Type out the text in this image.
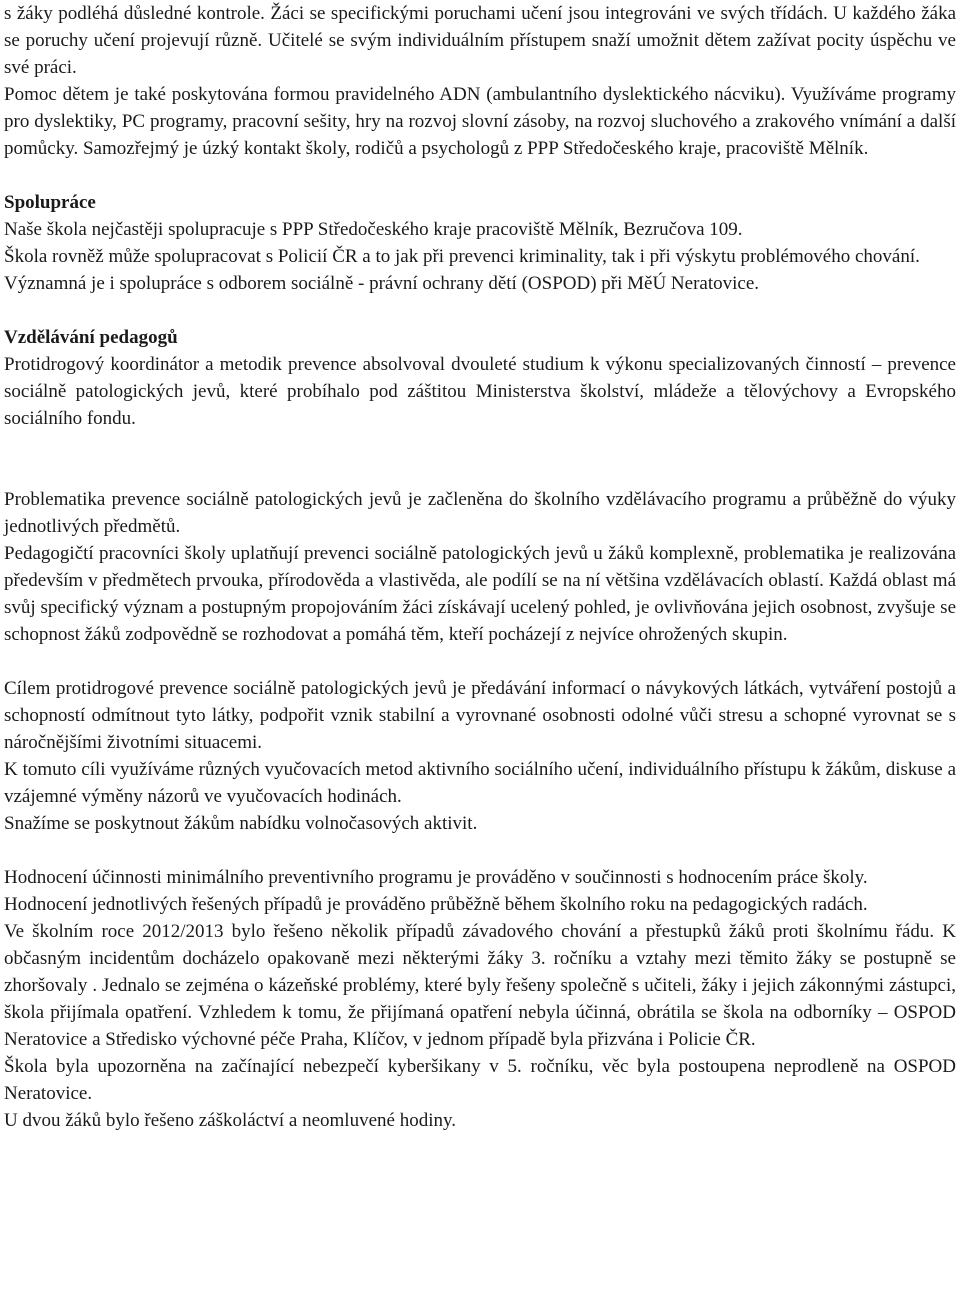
s žáky podléhá důsledné kontrole. Žáci se specifickými poruchami učení jsou integrováni ve svých třídách. U každého žáka se poruchy učení projevují různě. Učitelé se svým individuálním přístupem snaží umožnit dětem zažívat pocity úspěchu ve své práci.

Pomoc dětem je také poskytována formou pravidelného ADN (ambulantního dyslektického nácviku). Využíváme programy pro dyslektiky, PC programy, pracovní sešity, hry na rozvoj slovní zásoby, na rozvoj sluchového a zrakového vnímání a další pomůcky. Samozřejmý je úzký kontakt školy, rodičů a psychologů z PPP Středočeského kraje, pracoviště Mělník.

Spolupráce

Naše škola nejčastěji spolupracuje s PPP Středočeského kraje pracoviště Mělník, Bezručova 109.

Škola rovněž může spolupracovat s Policií ČR a to jak při prevenci kriminality, tak i při výskytu problémového chování.

Významná je i spolupráce s odborem sociálně - právní ochrany dětí (OSPOD) při MěÚ Neratovice.

Vzdělávání pedagogů

Protidrogový koordinátor a metodik prevence absolvoval dvouleté studium k výkonu specializovaných činností – prevence sociálně patologických jevů, které probíhalo pod záštitou Ministerstva školství, mládeže a tělovýchovy a Evropského sociálního fondu.

Problematika prevence sociálně patologických jevů je začleněna do školního vzdělávacího programu a průběžně do výuky jednotlivých předmětů.

Pedagogičtí pracovníci školy uplatňují prevenci sociálně patologických jevů u žáků komplexně, problematika je realizována především v předmětech prvouka, přírodověda a vlastivěda, ale podílí se na ní většina vzdělávacích oblastí. Každá oblast má svůj specifický význam a postupným propojováním žáci získávají ucelený pohled, je ovlivňována jejich osobnost, zvyšuje se schopnost žáků zodpovědně se rozhodovat a pomáhá těm, kteří pocházejí z nejvíce ohrožených skupin.

Cílem protidrogové prevence sociálně patologických jevů je předávání informací o návykových látkách, vytváření postojů a schopností odmítnout tyto látky, podpořit vznik stabilní a vyrovnané osobnosti odolné vůči stresu a schopné vyrovnat se s náročnějšími životními situacemi.

K tomuto cíli využíváme různých vyučovacích metod aktivního sociálního učení, individuálního přístupu k žákům, diskuse a vzájemné výměny názorů ve vyučovacích hodinách.

Snažíme se poskytnout žákům nabídku volnočasových aktivit.

Hodnocení účinnosti minimálního preventivního programu je prováděno v součinnosti s hodnocením práce školy.

Hodnocení jednotlivých řešených případů je prováděno průběžně během školního roku na pedagogických radách.

Ve školním roce 2012/2013 bylo řešeno několik případů závadového chování a přestupků žáků proti školnímu řádu. K občasným incidentům docházelo opakovaně mezi některými žáky 3. ročníku a vztahy mezi těmito žáky se postupně se zhoršovaly . Jednalo se zejména o kázeňské problémy, které byly řešeny společně s učiteli, žáky i jejich zákonnými zástupci, škola přijímala opatření. Vzhledem k tomu, že přijímaná opatření nebyla účinná, obrátila se škola na odborníky – OSPOD Neratovice a Středisko výchovné péče Praha, Klíčov, v jednom případě byla přizvána i Policie ČR.

Škola byla upozorněna na začínající nebezpečí kyberšikany v 5. ročníku, věc byla postoupena neprodleně na OSPOD Neratovice.

U dvou žáků bylo řešeno záškoláctví a neomluvené hodiny.
